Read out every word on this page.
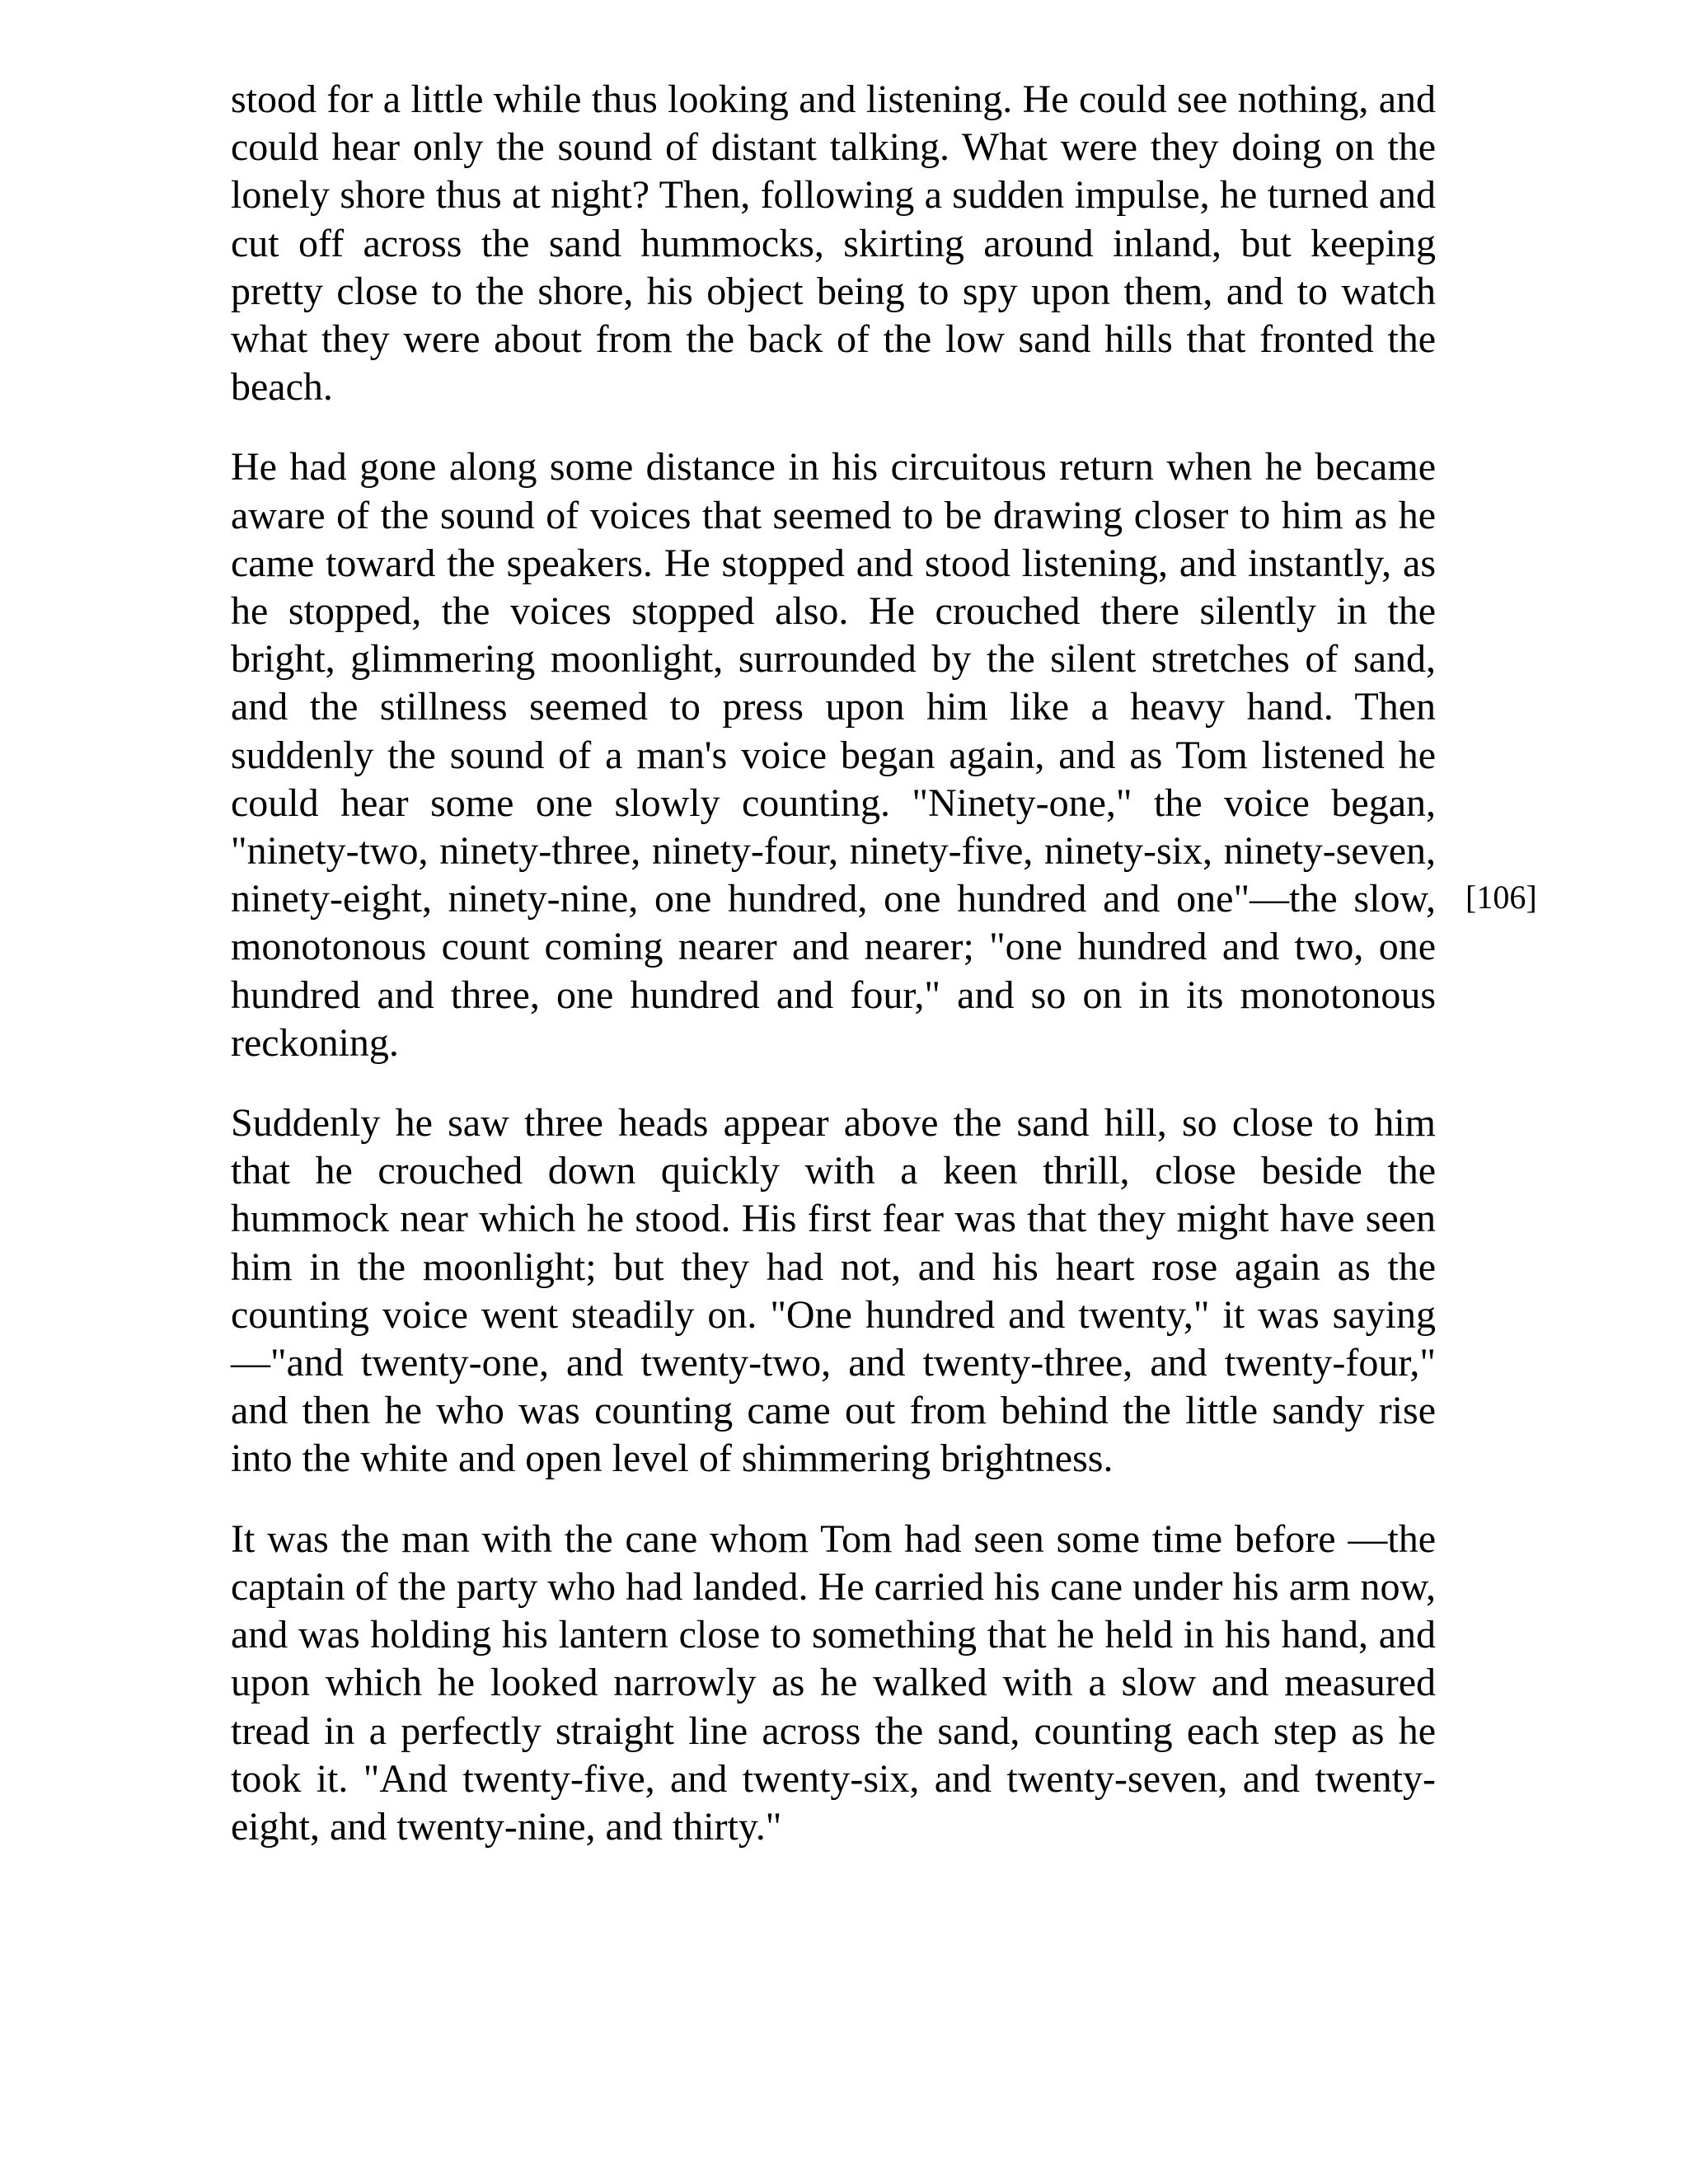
stood for a little while thus looking and listening. He could see nothing, and could hear only the sound of distant talking. What were they doing on the lonely shore thus at night? Then, following a sudden impulse, he turned and cut off across the sand hummocks, skirting around inland, but keeping pretty close to the shore, his object being to spy upon them, and to watch what they were about from the back of the low sand hills that fronted the beach.

He had gone along some distance in his circuitous return when he became aware of the sound of voices that seemed to be drawing closer to him as he came toward the speakers. He stopped and stood listening, and instantly, as he stopped, the voices stopped also. He crouched there silently in the bright, glimmering moonlight, surrounded by the silent stretches of sand, and the stillness seemed to press upon him like a heavy hand. Then suddenly the sound of a man's voice began again, and as Tom listened he could hear some one slowly counting. "Ninety-one," the voice began, "ninety-two, ninety-three, ninety-four, ninety-five, ninety-six, ninety-seven, ninety-eight, ninety-nine, one hundred, one hundred and one"—the slow, monotonous count coming nearer and nearer; "one hundred and two, one hundred and three, one hundred and four," and so on in its monotonous reckoning.

Suddenly he saw three heads appear above the sand hill, so close to him that he crouched down quickly with a keen thrill, close beside the hummock near which he stood. His first fear was that they might have seen him in the moonlight; but they had not, and his heart rose again as the counting voice went steadily on. "One hundred and twenty," it was saying—"and twenty-one, and twenty-two, and twenty-three, and twenty-four," and then he who was counting came out from behind the little sandy rise into the white and open level of shimmering brightness.

It was the man with the cane whom Tom had seen some time before —the captain of the party who had landed. He carried his cane under his arm now, and was holding his lantern close to something that he held in his hand, and upon which he looked narrowly as he walked with a slow and measured tread in a perfectly straight line across the sand, counting each step as he took it. "And twenty-five, and twenty-six, and twenty-seven, and twenty-eight, and twenty-nine, and thirty."

[106]
